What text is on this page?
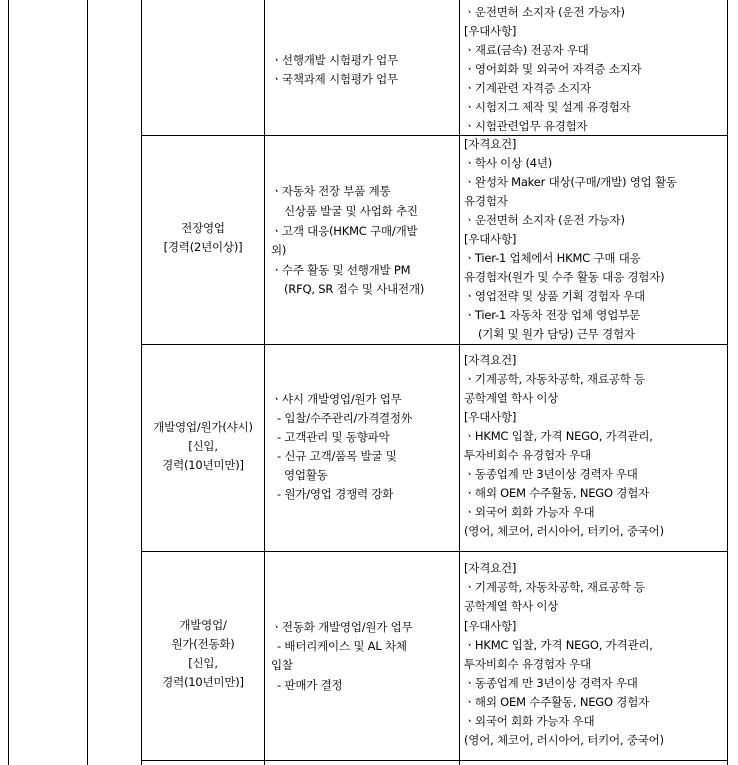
ㆍ선행개발 시험평가 업무
ㆍ국책과제 시험평가 업무
ㆍ운전면허 소지자 (운전 가능자)
[우대사항]
ㆍ재료(금속) 전공자 우대
ㆍ영어회화 및 외국어 자격증 소지자
ㆍ기계관련 자격증 소지자
ㆍ시험지그 제작 및 설계 유경험자
ㆍ시험관련업무 유경험자
전장영업
[경력(2년이상)]
ㆍ자동차 전장 부품 계통
신상품 발굴 및 사업화 추진
ㆍ고객 대응(HKMC 구매/개발
외)
ㆍ수주 활동 및 선행개발 PM
(RFQ, SR 접수 및 사내전개)
[자격요건]
ㆍ학사 이상 (4년)
ㆍ완성차 Maker 대상(구매/개발) 영업 활동
유경험자
ㆍ운전면허 소지자 (운전 가능자)
[우대사항]
ㆍTier-1 업체에서 HKMC 구매 대응
유경험자(원가 및 수주 활동 대응 경험자)
ㆍ영업전략 및 상품 기획 경험자 우대
ㆍTier-1 자동차 전장 업체 영업부문
(기획 및 원가 담당) 근무 경험자
개발영업/원가(샤시)
[신입,
경력(10년미만)]
ㆍ샤시 개발영업/원가 업무
- 입찰/수주관리/가격결정外
- 고객관리 및 동향파악
- 신규 고객/품목 발굴 및
영업활동
- 원가/영업 경쟁력 강화
[자격요건]
ㆍ기계공학, 자동차공학, 재료공학 등
공학계열 학사 이상
[우대사항]
ㆍHKMC 입찰, 가격 NEGO, 가격관리,
투자비회수 유경험자 우대
ㆍ동종업계 만 3년이상 경력자 우대
ㆍ해외 OEM 수주활동, NEGO 경험자
ㆍ외국어 회화 가능자 우대
(영어, 체코어, 러시아어, 터키어, 중국어)
개발영업/
원가(전동화)
[신입,
경력(10년미만)]
ㆍ전동화 개발영업/원가 업무
- 배터리케이스 및 AL 차체
입찰
- 판매가 결정
[자격요건]
ㆍ기계공학, 자동차공학, 재료공학 등
공학계열 학사 이상
[우대사항]
ㆍHKMC 입찰, 가격 NEGO, 가격관리,
투자비회수 유경험자 우대
ㆍ동종업계 만 3년이상 경력자 우대
ㆍ해외 OEM 수주활동, NEGO 경험자
ㆍ외국어 회화 가능자 우대
(영어, 체코어, 러시아어, 터키어, 중국어)
